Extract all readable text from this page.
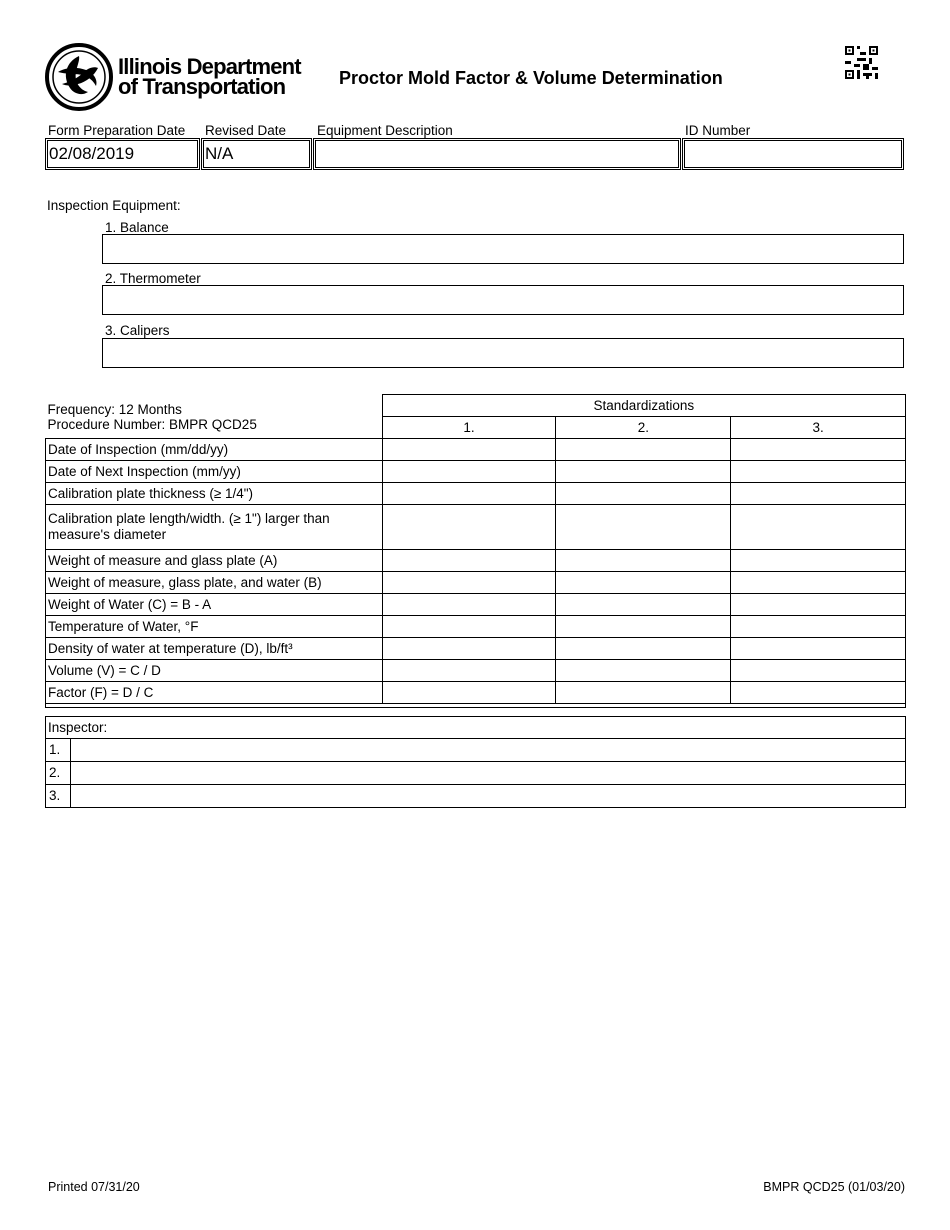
Illinois Department
of Transportation	Proctor Mold Factor & Volume Determination
Form Preparation Date
02/08/2019
Revised Date
N/A
Equipment Description	ID Number
Inspection Equipment:
1. Balance
2. Thermometer
3. Calipers
Frequency: 12 Months	Standardizations		
Procedure Number: BMPR QCD25	1.	2.	3.
Date of Inspection (mm/dd/yy)			
Date of Next Inspection (mm/yy)			
Calibration plate thickness (≥ 1/4")			
Calibration plate length/width. (≥ 1") larger than measure's diameter			
Weight of measure and glass plate (A)			
Weight of measure, glass plate, and water (B)			
Weight of Water (C) = B - A			
Temperature of Water, °F			
Density of water at temperature (D), lb/ft³			
Volume (V) = C / D			
Factor (F) = D / C			
Inspector:
1.
2.
3.
Printed 07/31/20	BMPR QCD25 (01/03/20)
